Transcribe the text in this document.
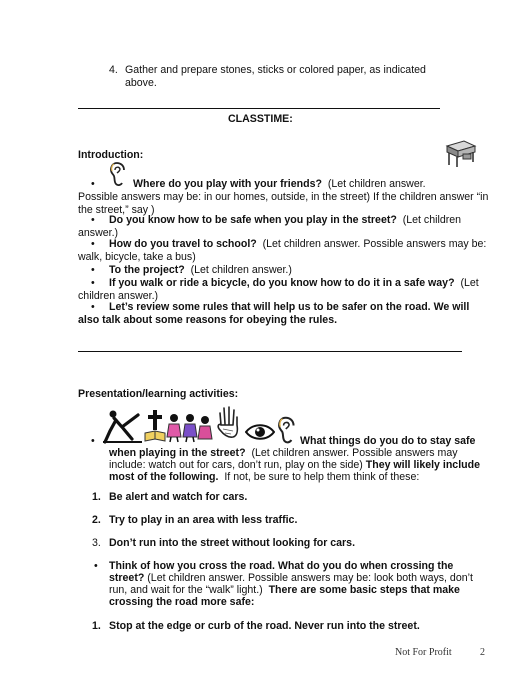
4. Gather and prepare stones, sticks or colored paper, as indicated
above.
CLASSTIME:
Introduction:
•	Where do you play with your friends? (Let children answer.
Possible answers may be: in our homes, outside, in the street) If the children answer “in
the street,” say )
• Do you know how to be safe when you play in the street? (Let children
answer.)
• How do you travel to school? (Let children answer. Possible answers may be:
walk, bicycle, take a bus)
• To the project? (Let children answer.)
• If you walk or ride a bicycle, do you know how to do it in a safe way? (Let
children answer.)
• Let’s review some rules that will help us to be safer on the road. We will
also talk about some reasons for obeying the rules.
Presentation/learning activities:
•	What things do you do to stay safe
when playing in the street? (Let children answer. Possible answers may
include: watch out for cars, don’t run, play on the side) They will likely include
most of the following. If not, be sure to help them think of these:
1. Be alert and watch for cars.
2. Try to play in an area with less traffic.
3. Don’t run into the street without looking for cars.
• Think of how you cross the road. What do you do when crossing the
street? (Let children answer. Possible answers may be: look both ways, don’t
run, and wait for the “walk” light.) There are some basic steps that make
crossing the road more safe:
1. Stop at the edge or curb of the road. Never run into the street.
Not For Profit	2
